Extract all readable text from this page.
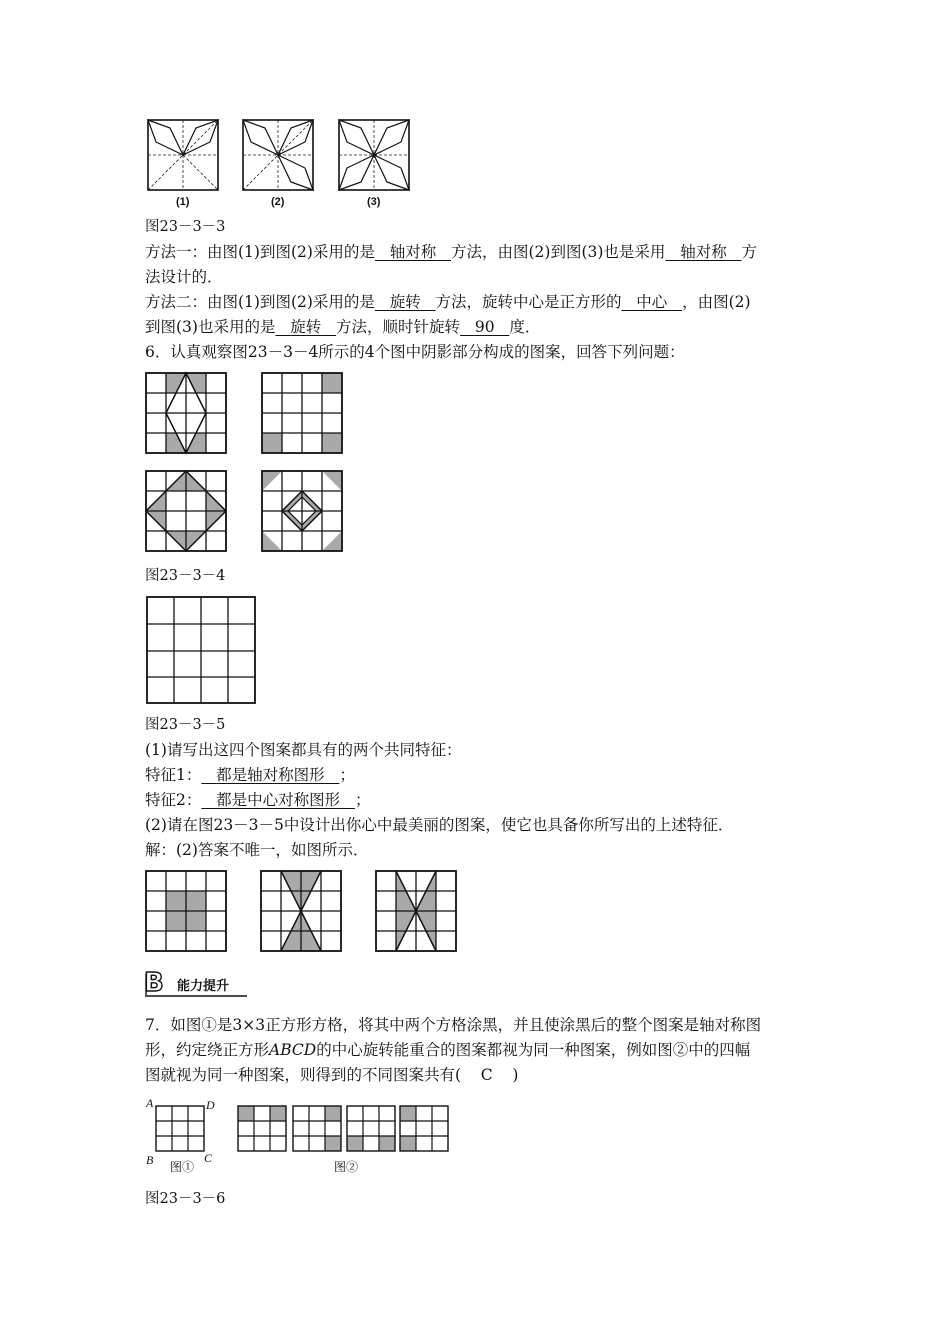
(1)	(2)	(3)
图23－3－3
方法一：由图(1)到图(2)采用的是 轴对称 方法，由图(2)到图(3)也是采用 轴对称 方
法设计的．
方法二：由图(1)到图(2)采用的是 旋转 方法，旋转中心是正方形的 中心 ，由图(2)
到图(3)也采用的是 旋转 方法，顺时针旋转 90 度．
6．认真观察图23－3－4所示的4个图中阴影部分构成的图案，回答下列问题：
图23－3－4
图23－3－5
(1)请写出这四个图案都具有的两个共同特征：
特征1： 都是轴对称图形 ；
特征2： 都是中心对称图形 ；
(2)请在图23－3－5中设计出你心中最美丽的图案，使它也具备你所写出的上述特征．
解：(2)答案不唯一，如图所示．
B 能力提升
7．如图①是3×3正方形方格，将其中两个方格涂黑，并且使涂黑后的整个图案是轴对称图
形，约定绕正方形ABCD的中心旋转能重合的图案都视为同一种图案，例如图②中的四幅
图就视为同一种图案，则得到的不同图案共有( C )
A	D
B	C
图①	图②
图23－3－6
